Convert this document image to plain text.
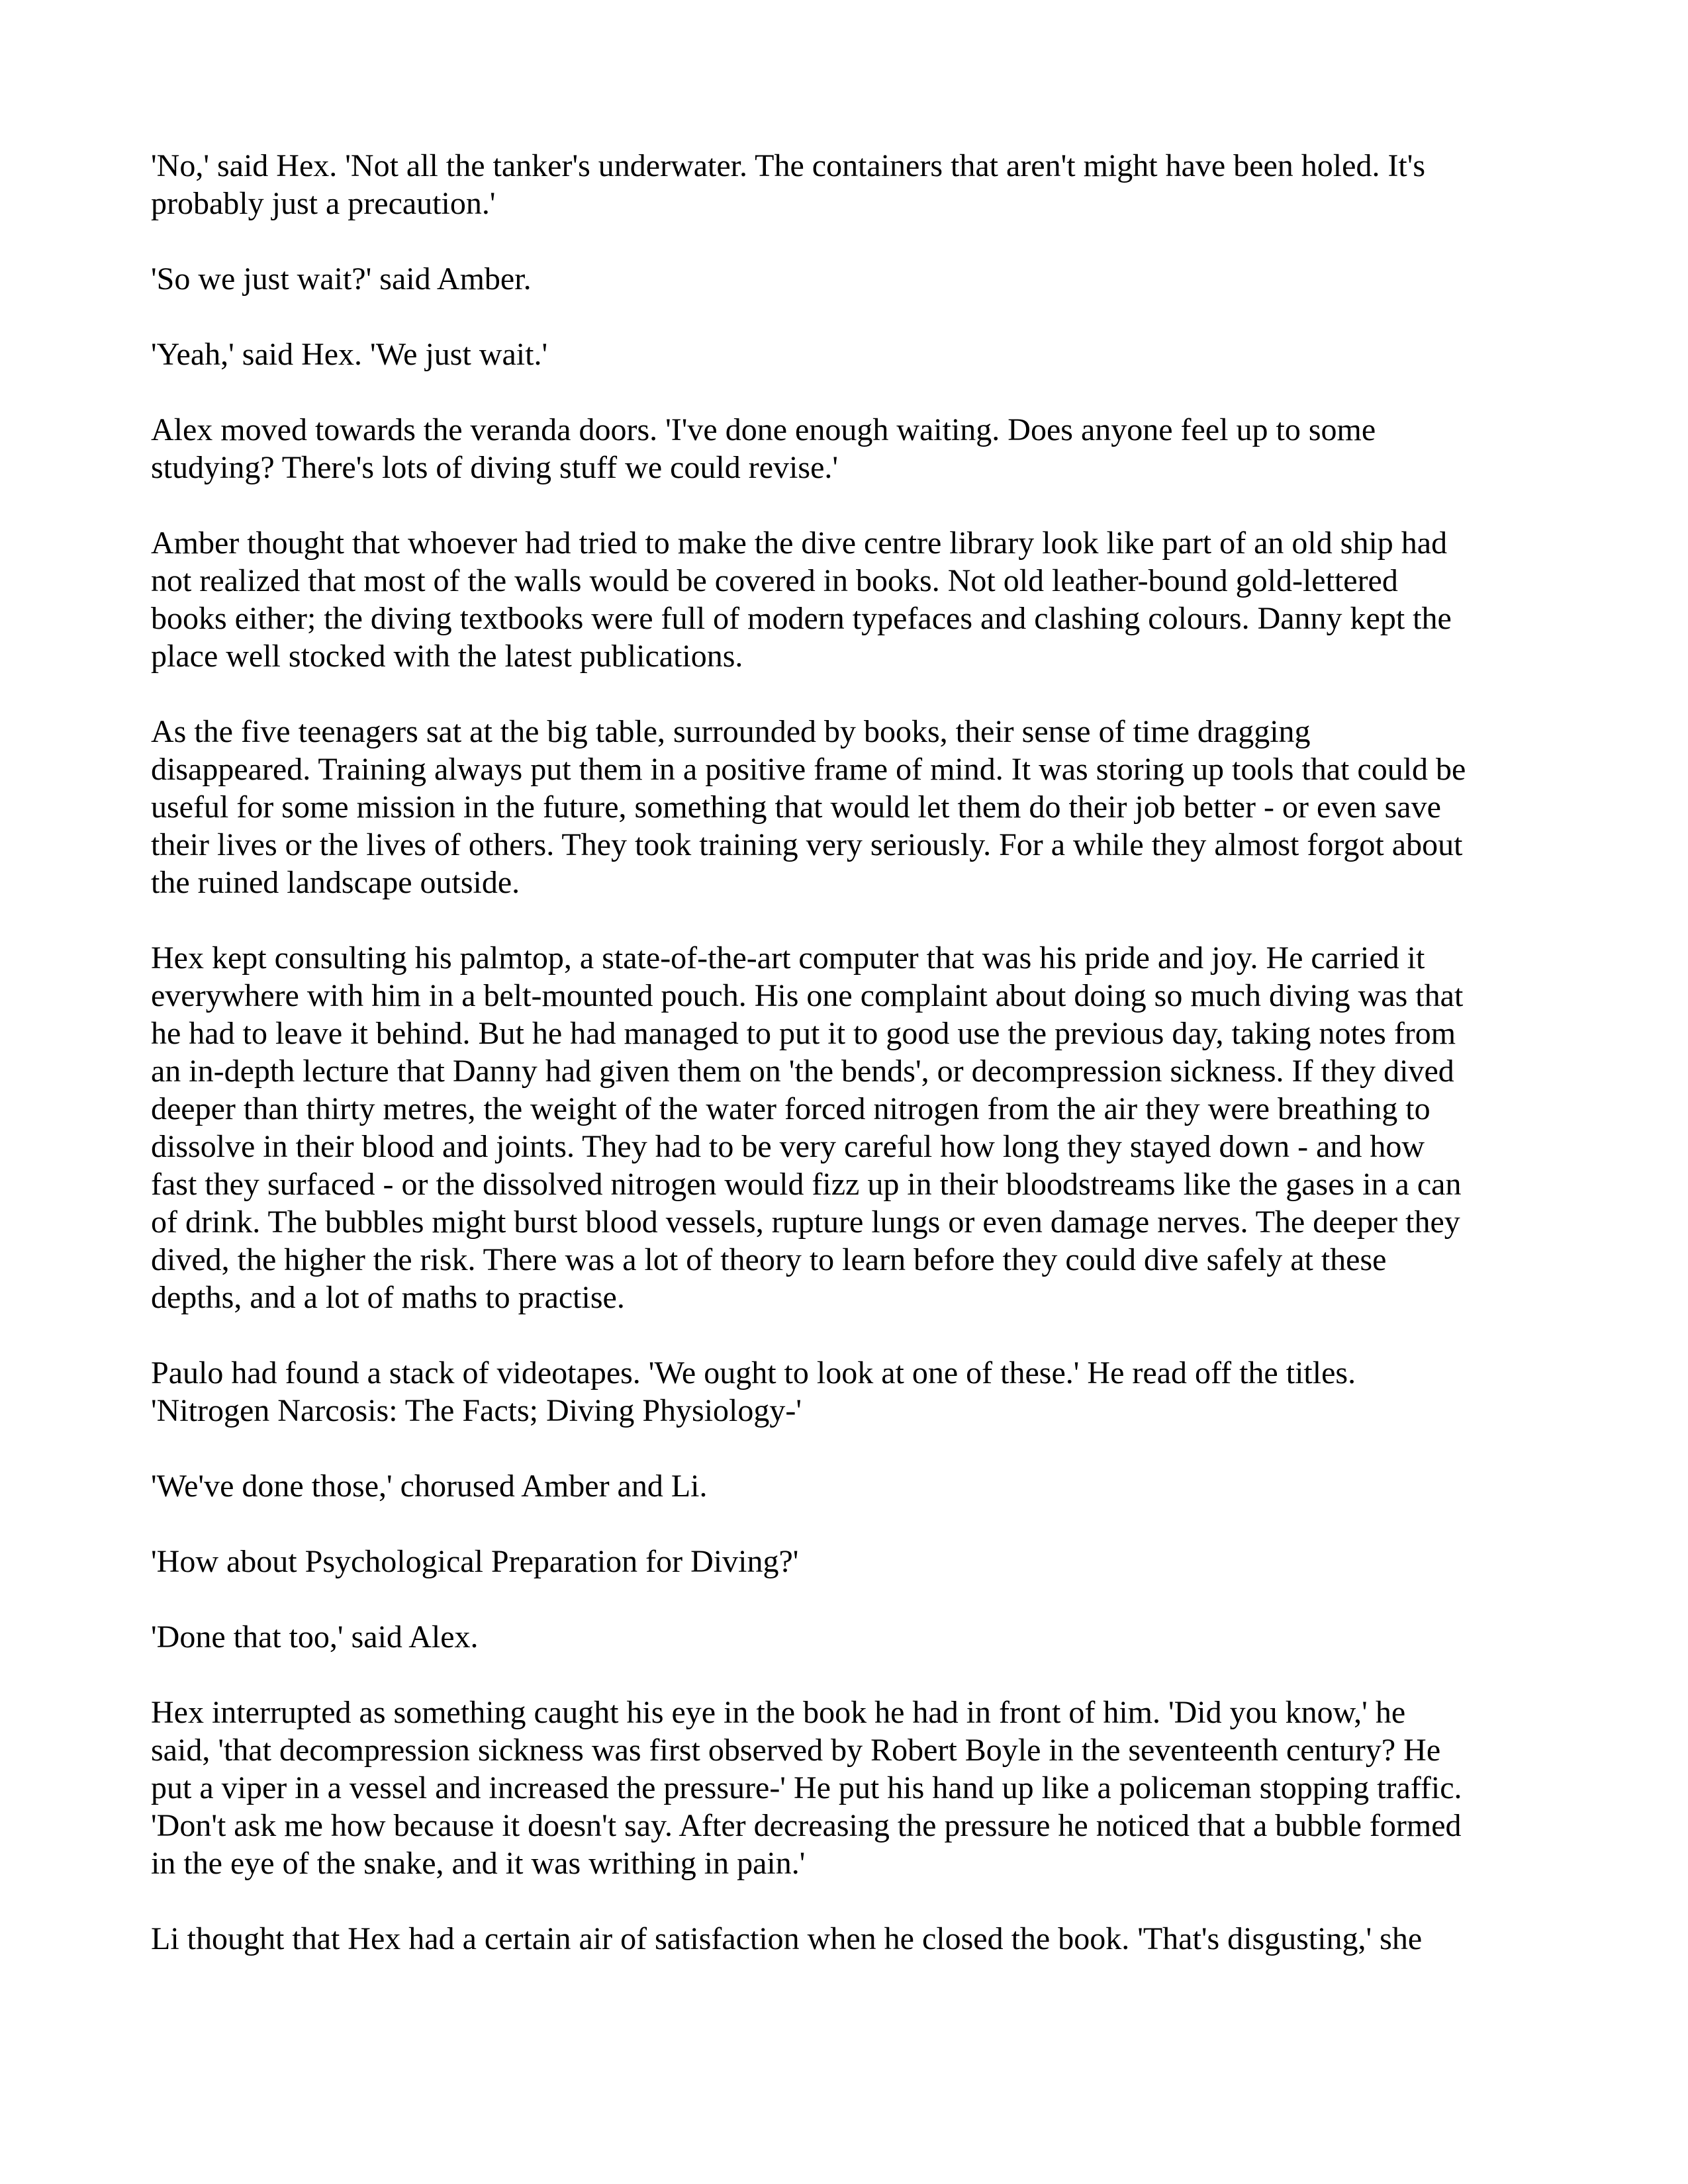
'No,' said Hex. 'Not all the tanker's underwater. The containers that aren't might have been holed. It's
probably just a precaution.'

'So we just wait?' said Amber.

'Yeah,' said Hex. 'We just wait.'

Alex moved towards the veranda doors. 'I've done enough waiting. Does anyone feel up to some
studying? There's lots of diving stuff we could revise.'

Amber thought that whoever had tried to make the dive centre library look like part of an old ship had
not realized that most of the walls would be covered in books. Not old leather-bound gold-lettered
books either; the diving textbooks were full of modern typefaces and clashing colours. Danny kept the
place well stocked with the latest publications.

As the five teenagers sat at the big table, surrounded by books, their sense of time dragging
disappeared. Training always put them in a positive frame of mind. It was storing up tools that could be
useful for some mission in the future, something that would let them do their job better - or even save
their lives or the lives of others. They took training very seriously. For a while they almost forgot about
the ruined landscape outside.

Hex kept consulting his palmtop, a state-of-the-art computer that was his pride and joy. He carried it
everywhere with him in a belt-mounted pouch. His one complaint about doing so much diving was that
he had to leave it behind. But he had managed to put it to good use the previous day, taking notes from
an in-depth lecture that Danny had given them on 'the bends', or decompression sickness. If they dived
deeper than thirty metres, the weight of the water forced nitrogen from the air they were breathing to
dissolve in their blood and joints. They had to be very careful how long they stayed down - and how
fast they surfaced - or the dissolved nitrogen would fizz up in their bloodstreams like the gases in a can
of drink. The bubbles might burst blood vessels, rupture lungs or even damage nerves. The deeper they
dived, the higher the risk. There was a lot of theory to learn before they could dive safely at these
depths, and a lot of maths to practise.

Paulo had found a stack of videotapes. 'We ought to look at one of these.' He read off the titles.
'Nitrogen Narcosis: The Facts; Diving Physiology-'

'We've done those,' chorused Amber and Li.

'How about Psychological Preparation for Diving?'

'Done that too,' said Alex.

Hex interrupted as something caught his eye in the book he had in front of him. 'Did you know,' he
said, 'that decompression sickness was first observed by Robert Boyle in the seventeenth century? He
put a viper in a vessel and increased the pressure-' He put his hand up like a policeman stopping traffic.
'Don't ask me how because it doesn't say. After decreasing the pressure he noticed that a bubble formed
in the eye of the snake, and it was writhing in pain.'

Li thought that Hex had a certain air of satisfaction when he closed the book. 'That's disgusting,' she
